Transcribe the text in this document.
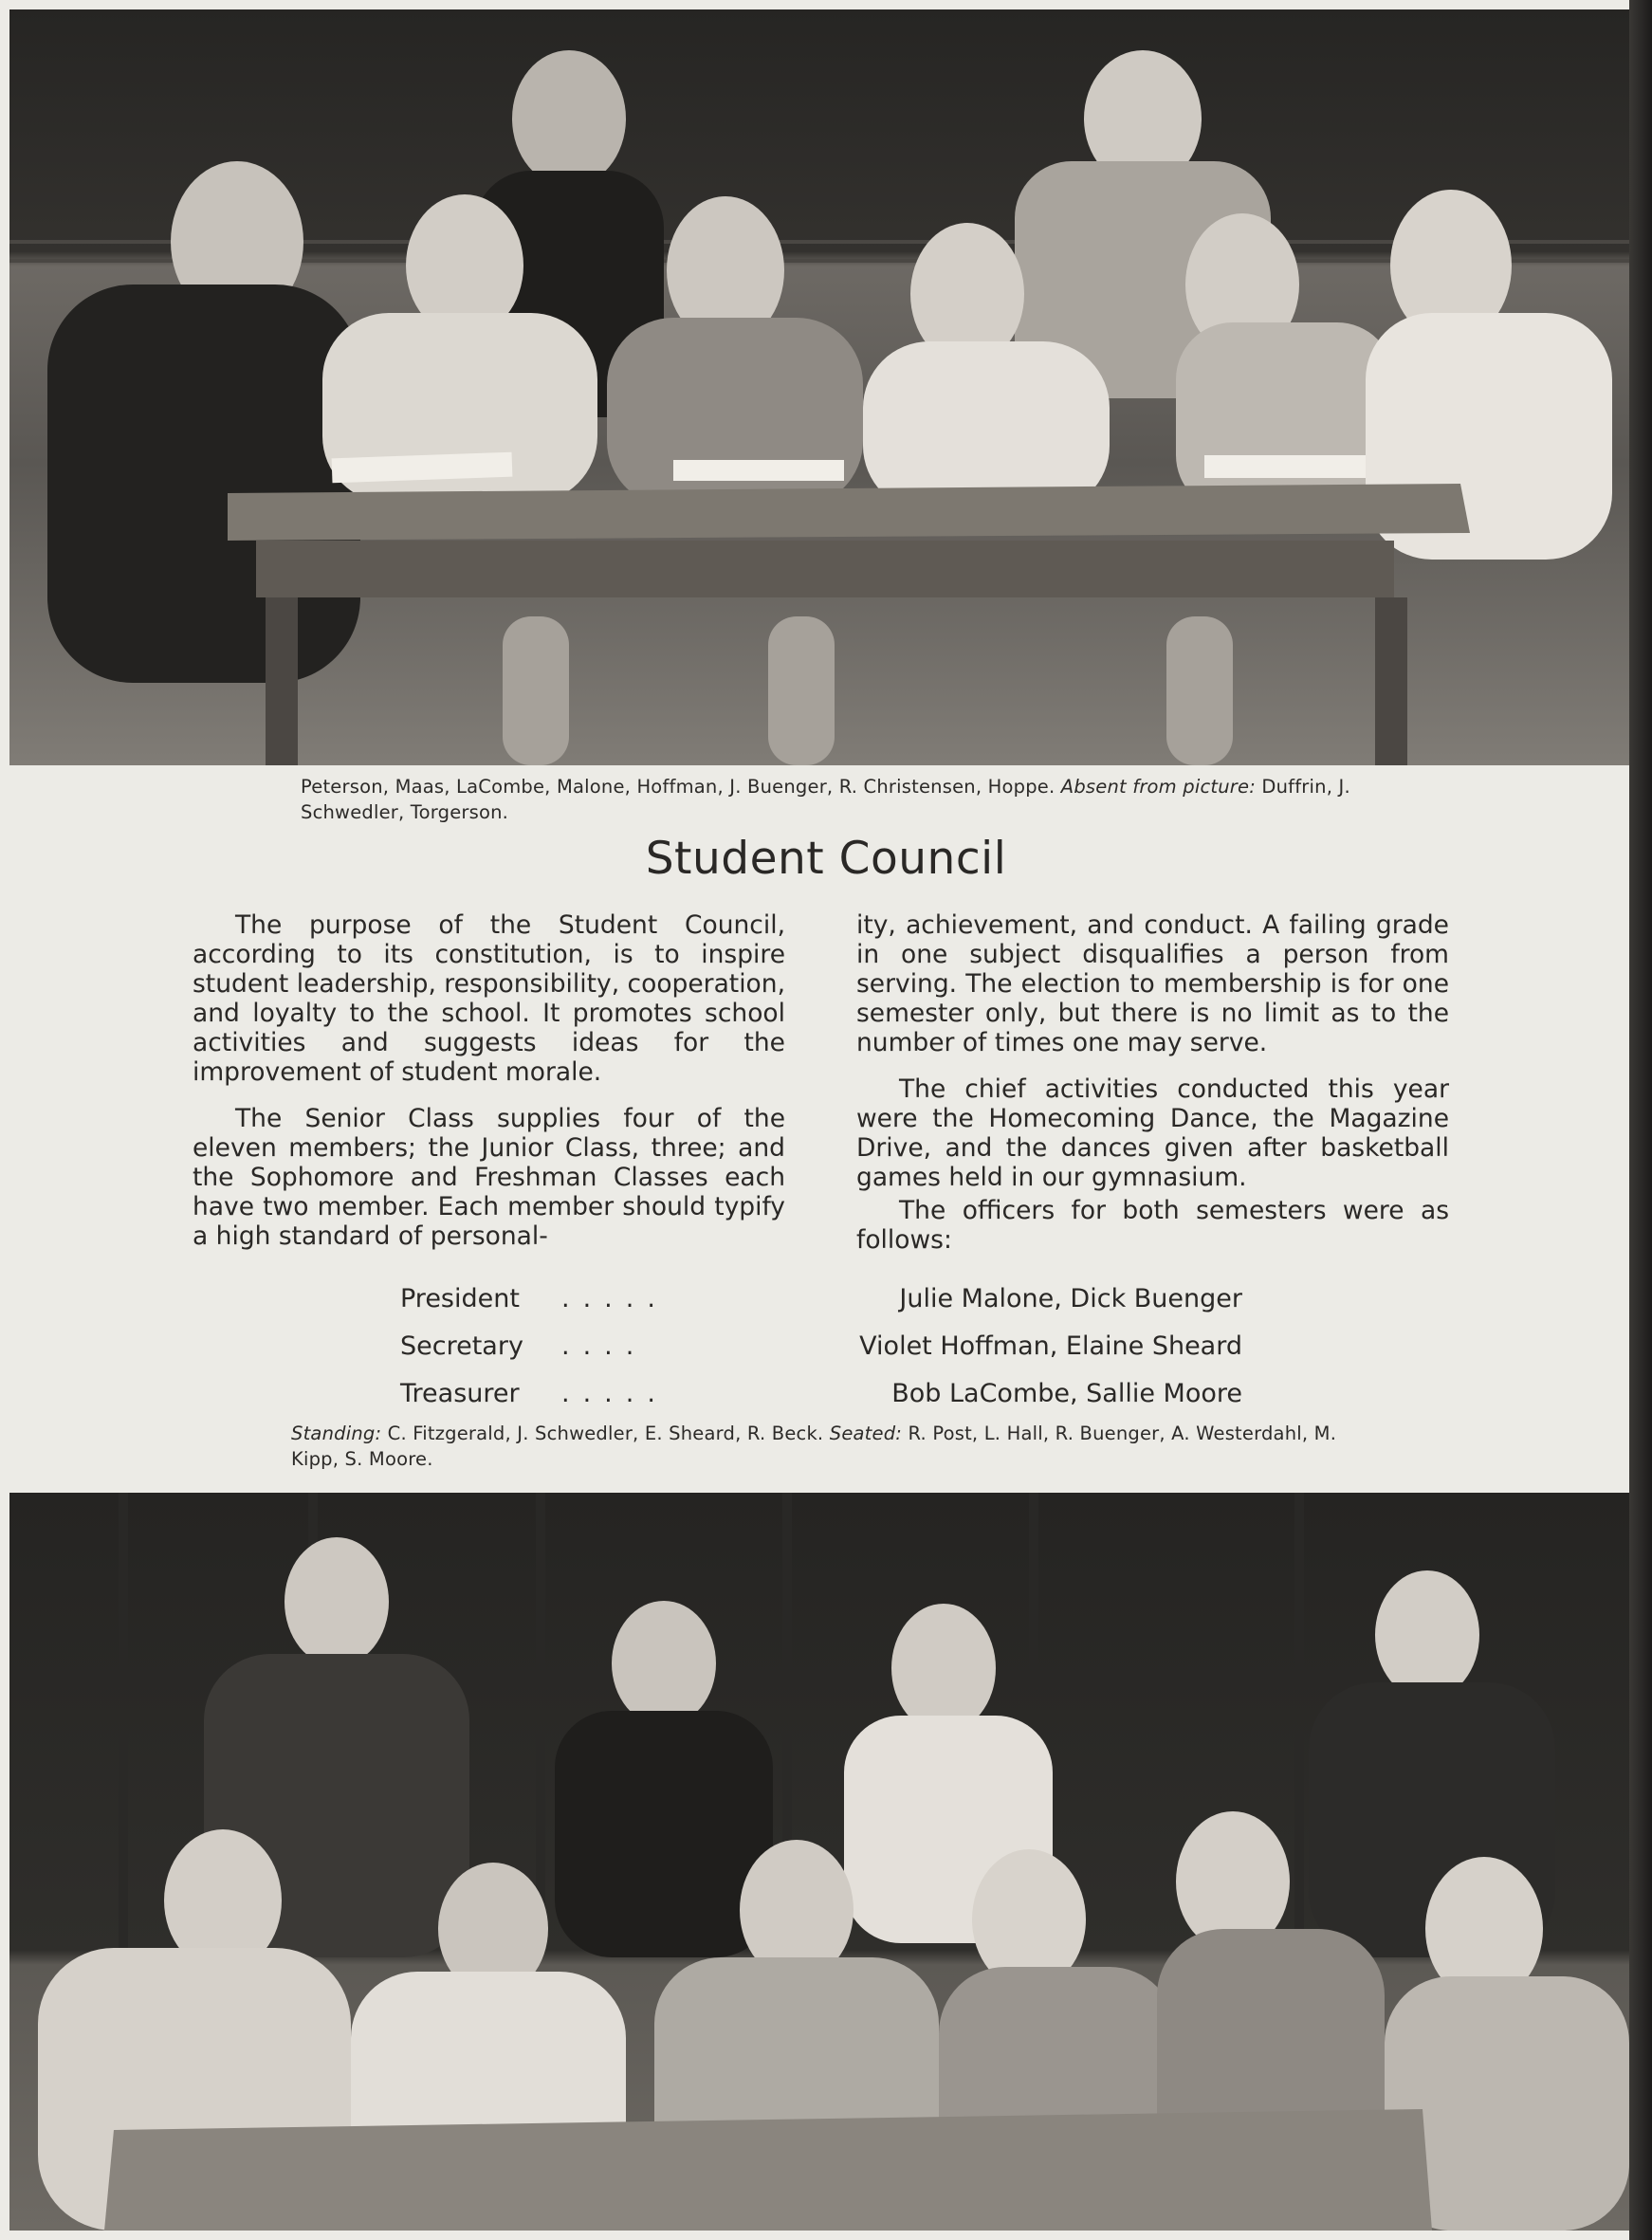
Peterson, Maas, LaCombe, Malone, Hoffman, J. Buenger, R. Christensen, Hoppe. Absent from picture: Duffrin, J. Schwedler, Torgerson.
Student Council

The purpose of the Student Council, according to its constitution, is to inspire student leadership, responsibility, cooperation, and loyalty to the school. It promotes school activities and suggests ideas for the improvement of student morale.

The Senior Class supplies four of the eleven members; the Junior Class, three; and the Sophomore and Freshman Classes each have two member. Each member should typify a high standard of personal-

ity, achievement, and conduct. A failing grade in one subject disqualifies a person from serving. The election to membership is for one semester only, but there is no limit as to the number of times one may serve.

The chief activities conducted this year were the Homecoming Dance, the Magazine Drive, and the dances given after basketball games held in our gymnasium.

The officers for both semesters were as follows:

President .....	Julie Malone, Dick Buenger
Secretary ....	Violet Hoffman, Elaine Sheard
Treasurer .....	Bob LaCombe, Sallie Moore
Standing: C. Fitzgerald, J. Schwedler, E. Sheard, R. Beck. Seated: R. Post, L. Hall, R. Buenger, A. Westerdahl, M. Kipp, S. Moore.
